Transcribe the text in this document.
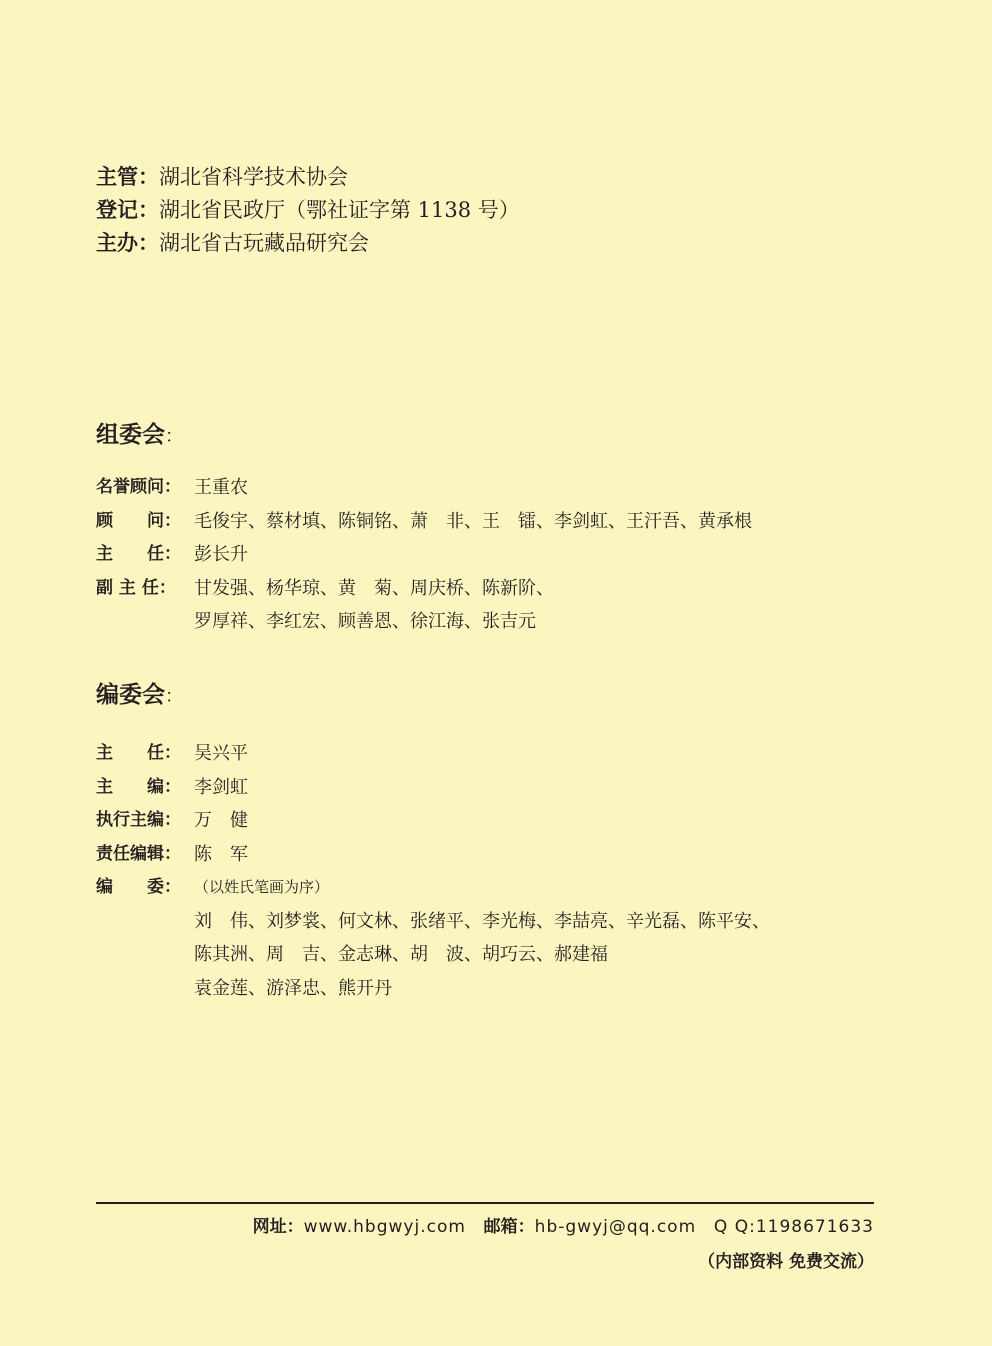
主管：湖北省科学技术协会
登记：湖北省民政厅（鄂社证字第 1138 号）
主办：湖北省古玩藏品研究会
组委会：
名誉顾问： 王重农
顾　　问： 毛俊宇、蔡材填、陈铜铭、萧　非、王　镭、李剑虹、王汗吾、黄承根
主　　任： 彭长升
副 主 任：	甘发强、杨华琼、黄　菊、周庆桥、陈新阶、
罗厚祥、李红宏、顾善恩、徐江海、张吉元
编委会：
主　　任： 吴兴平
主　　编： 李剑虹
执行主编： 万　健
责任编辑： 陈　军
编　　委： （以姓氏笔画为序）
刘　伟、刘梦裳、何文林、张绪平、李光梅、李喆亮、辛光磊、陈平安、
陈其洲、周　吉、金志琳、胡　波、胡巧云、郝建福
袁金莲、游泽忠、熊开丹
网址：www.hbgwyj.com 邮箱：hb-gwyj@qq.com Q Q:1198671633
（内部资料 免费交流）
